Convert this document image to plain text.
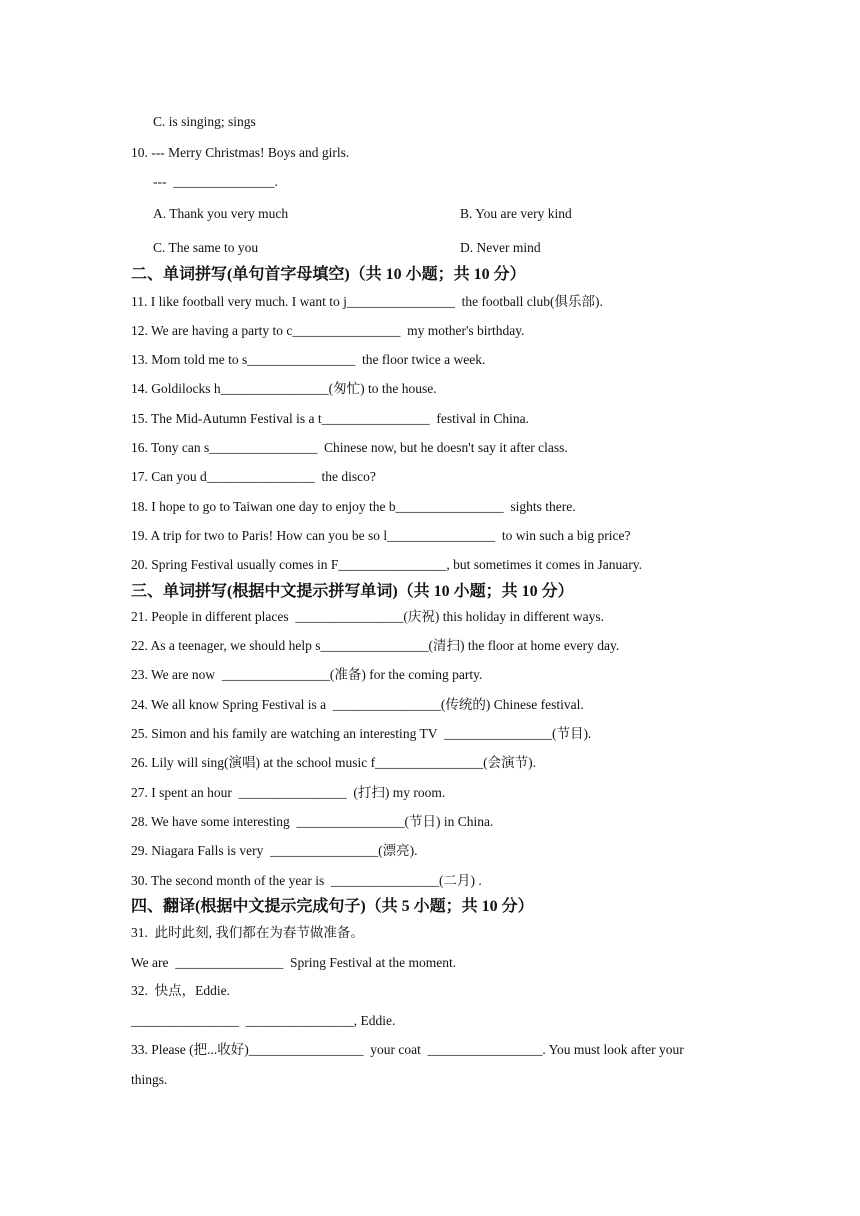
C. is singing; sings
10. --- Merry Christmas! Boys and girls.
---  _______________.
A. Thank you very much	B. You are very kind
C. The same to you	D. Never mind
二、单词拼写(单句首字母填空)（共 10 小题；共 10 分）
11. I like football very much. I want to j________________  the football club(俱乐部).
12. We are having a party to c________________  my mother's birthday.
13. Mom told me to s________________  the floor twice a week.
14. Goldilocks h________________(匆忙) to the house.
15. The Mid-Autumn Festival is a t________________  festival in China.
16. Tony can s________________  Chinese now, but he doesn't say it after class.
17. Can you d________________  the disco?
18. I hope to go to Taiwan one day to enjoy the b________________  sights there.
19. A trip for two to Paris! How can you be so l________________  to win such a big price?
20. Spring Festival usually comes in F________________, but sometimes it comes in January.
三、单词拼写(根据中文提示拼写单词)（共 10 小题；共 10 分）
21. People in different places  ________________(庆祝) this holiday in different ways.
22. As a teenager, we should help s________________(清扫) the floor at home every day.
23. We are now  ________________(准备) for the coming party.
24. We all know Spring Festival is a  ________________(传统的) Chinese festival.
25. Simon and his family are watching an interesting TV  ________________(节目).
26. Lily will sing(演唱) at the school music f________________(会演节).
27. I spent an hour  ________________  (打扫) my room.
28. We have some interesting  ________________(节日) in China.
29. Niagara Falls is very  ________________(漂亮).
30. The second month of the year is  ________________(二月) .
四、翻译(根据中文提示完成句子)（共 5 小题；共 10 分）
31.  此时此刻, 我们都在为春节做准备。
We are  ________________  Spring Festival at the moment.
32.  快点，Eddie.
________________  ________________, Eddie.
33. Please (把...收好)_________________  your coat  _________________. You must look after your
things.
